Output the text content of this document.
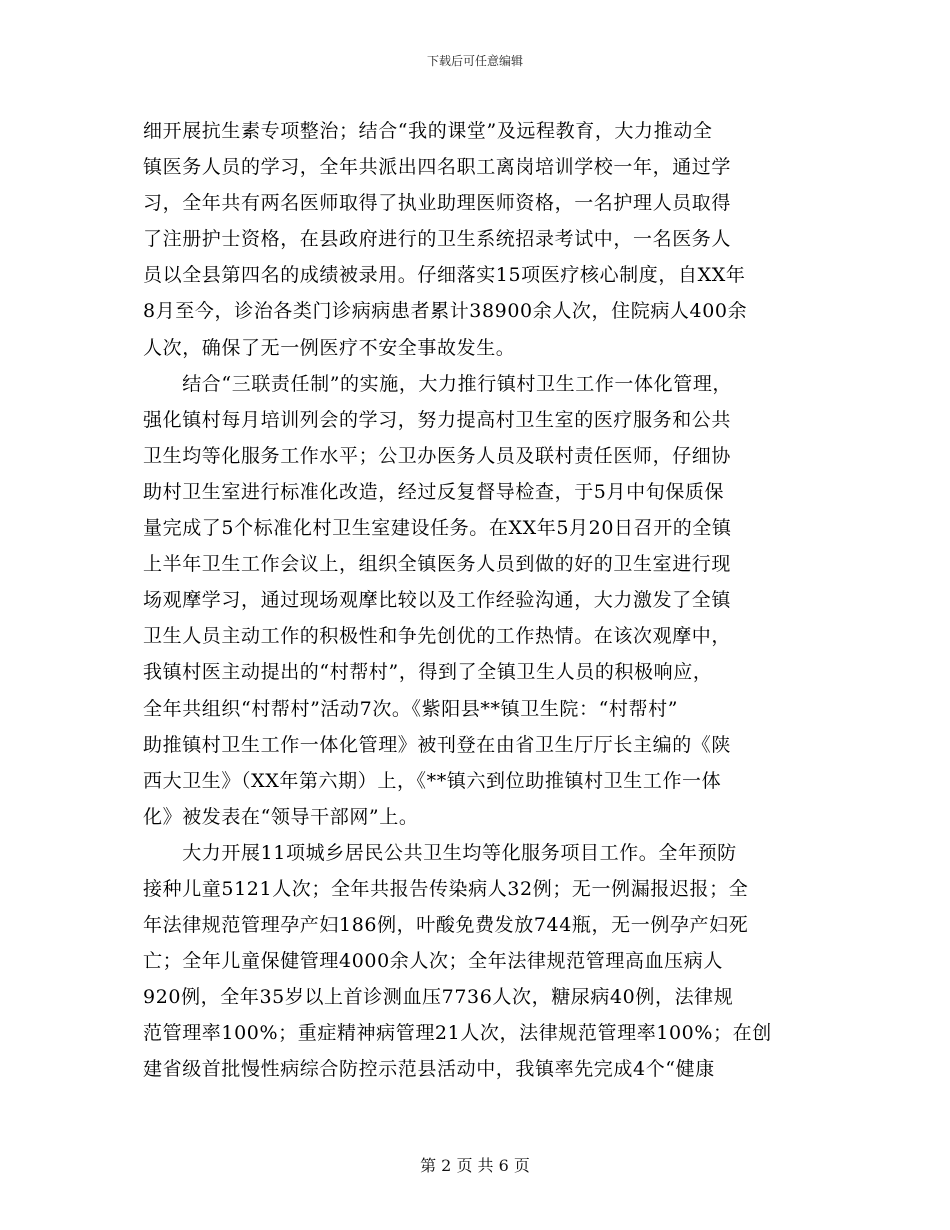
下载后可任意编辑
细开展抗生素专项整治；结合“我的课堂”及远程教育，大力推动全
镇医务人员的学习，全年共派出四名职工离岗培训学校一年，通过学
习，全年共有两名医师取得了执业助理医师资格，一名护理人员取得
了注册护士资格，在县政府进行的卫生系统招录考试中，一名医务人
员以全县第四名的成绩被录用。仔细落实15项医疗核心制度，自XX年
8月至今，诊治各类门诊病病患者累计38900余人次，住院病人400余
人次，确保了无一例医疗不安全事故发生。
　　结合“三联责任制”的实施，大力推行镇村卫生工作一体化管理，
强化镇村每月培训列会的学习，努力提高村卫生室的医疗服务和公共
卫生均等化服务工作水平；公卫办医务人员及联村责任医师，仔细协
助村卫生室进行标准化改造，经过反复督导检查，于5月中旬保质保
量完成了5个标准化村卫生室建设任务。在XX年5月20日召开的全镇
上半年卫生工作会议上，组织全镇医务人员到做的好的卫生室进行现
场观摩学习，通过现场观摩比较以及工作经验沟通，大力激发了全镇
卫生人员主动工作的积极性和争先创优的工作热情。在该次观摩中，
我镇村医主动提出的“村帮村”，得到了全镇卫生人员的积极响应，
全年共组织“村帮村”活动7次。《紫阳县**镇卫生院：“村帮村”
助推镇村卫生工作一体化管理》被刊登在由省卫生厅厅长主编的《陕
西大卫生》（XX年第六期）上，《**镇六到位助推镇村卫生工作一体
化》被发表在“领导干部网”上。
　　大力开展11项城乡居民公共卫生均等化服务项目工作。全年预防
接种儿童5121人次；全年共报告传染病人32例；无一例漏报迟报；全
年法律规范管理孕产妇186例，叶酸免费发放744瓶，无一例孕产妇死
亡；全年儿童保健管理4000余人次；全年法律规范管理高血压病人
920例，全年35岁以上首诊测血压7736人次，糖尿病40例，法律规
范管理率100%；重症精神病管理21人次，法律规范管理率100%；在创
建省级首批慢性病综合防控示范县活动中，我镇率先完成4个“健康
第 2 页 共 6 页
